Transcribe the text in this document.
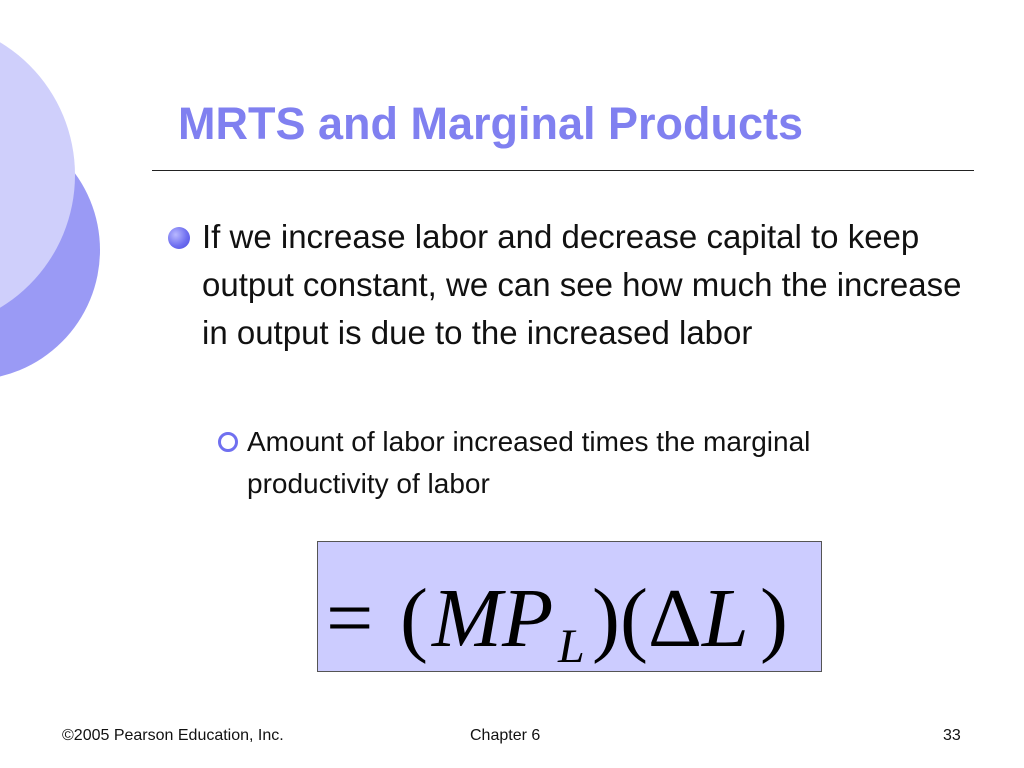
MRTS and Marginal Products
If we increase labor and decrease capital to keep output constant, we can see how much the increase in output is due to the increased labor
Amount of labor increased times the marginal productivity of labor
= ( MP L ) ( Δ L )
©2005 Pearson Education, Inc.	Chapter 6	33
